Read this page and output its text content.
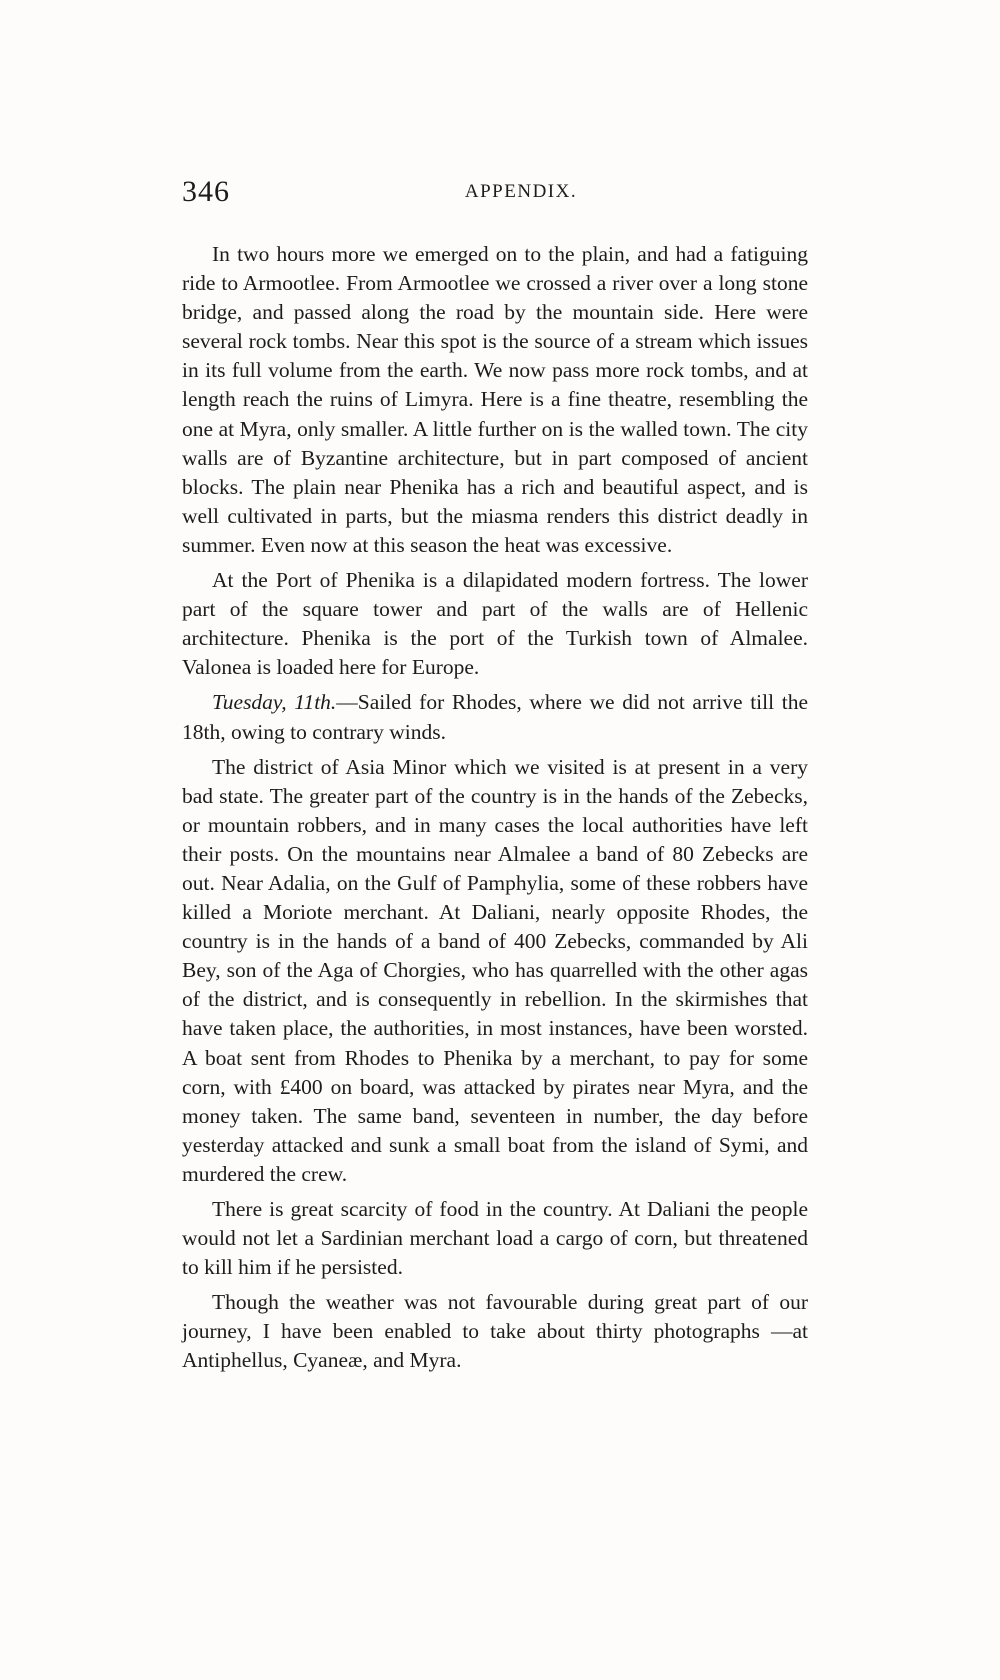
346	APPENDIX.

In two hours more we emerged on to the plain, and had a fatiguing ride to Armootlee. From Armootlee we crossed a river over a long stone bridge, and passed along the road by the mountain side. Here were several rock tombs. Near this spot is the source of a stream which issues in its full volume from the earth. We now pass more rock tombs, and at length reach the ruins of Limyra. Here is a fine theatre, resembling the one at Myra, only smaller. A little further on is the walled town. The city walls are of Byzantine architecture, but in part composed of ancient blocks. The plain near Phenika has a rich and beautiful aspect, and is well cultivated in parts, but the miasma renders this district deadly in summer. Even now at this season the heat was excessive.

At the Port of Phenika is a dilapidated modern fortress. The lower part of the square tower and part of the walls are of Hellenic architecture. Phenika is the port of the Turkish town of Almalee. Valonea is loaded here for Europe.

Tuesday, 11th.—Sailed for Rhodes, where we did not arrive till the 18th, owing to contrary winds.

The district of Asia Minor which we visited is at present in a very bad state. The greater part of the country is in the hands of the Zebecks, or mountain robbers, and in many cases the local authorities have left their posts. On the mountains near Almalee a band of 80 Zebecks are out. Near Adalia, on the Gulf of Pamphylia, some of these robbers have killed a Moriote merchant. At Daliani, nearly opposite Rhodes, the country is in the hands of a band of 400 Zebecks, commanded by Ali Bey, son of the Aga of Chorgies, who has quarrelled with the other agas of the district, and is consequently in rebellion. In the skirmishes that have taken place, the authorities, in most instances, have been worsted. A boat sent from Rhodes to Phenika by a merchant, to pay for some corn, with £400 on board, was attacked by pirates near Myra, and the money taken. The same band, seventeen in number, the day before yesterday attacked and sunk a small boat from the island of Symi, and murdered the crew.

There is great scarcity of food in the country. At Daliani the people would not let a Sardinian merchant load a cargo of corn, but threatened to kill him if he persisted.

Though the weather was not favourable during great part of our journey, I have been enabled to take about thirty photographs —at Antiphellus, Cyaneæ, and Myra.
